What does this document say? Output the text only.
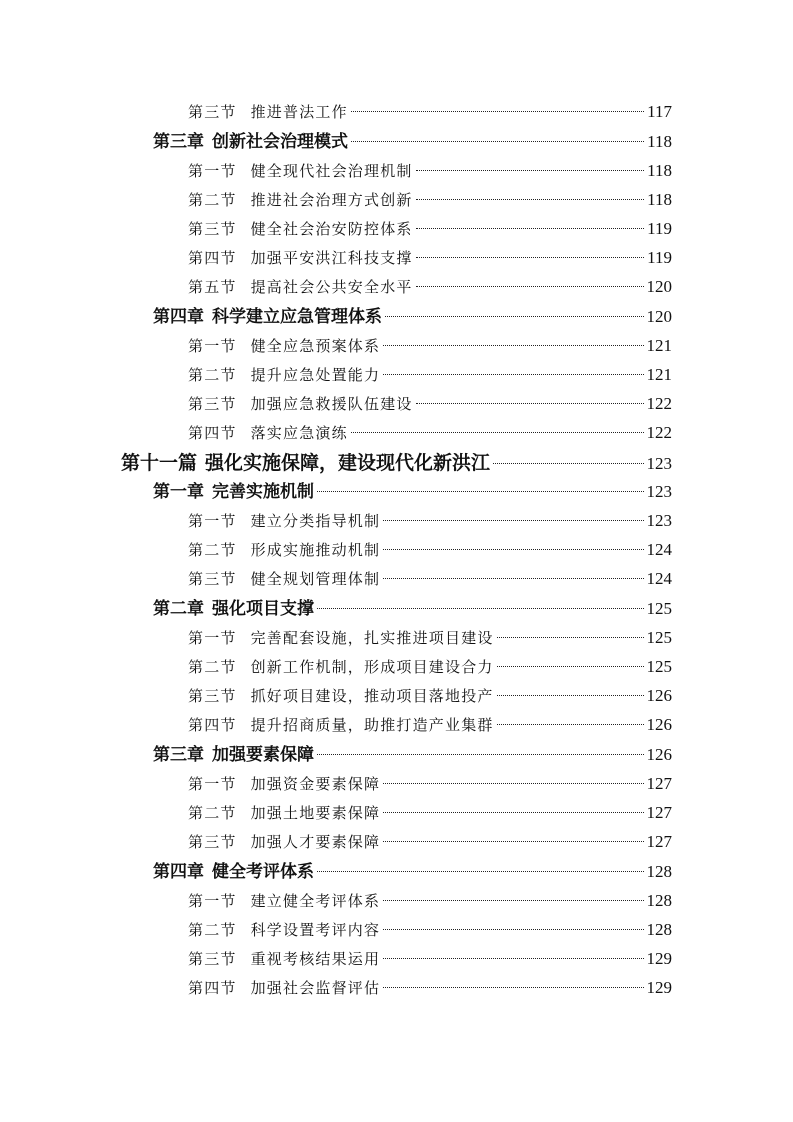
第三节 推进普法工作	117
第三章 创新社会治理模式	118
第一节 健全现代社会治理机制	118
第二节 推进社会治理方式创新	118
第三节 健全社会治安防控体系	119
第四节 加强平安洪江科技支撑	119
第五节 提高社会公共安全水平	120
第四章 科学建立应急管理体系	120
第一节 健全应急预案体系	121
第二节 提升应急处置能力	121
第三节 加强应急救援队伍建设	122
第四节 落实应急演练	122
第十一篇 强化实施保障，建设现代化新洪江	123
第一章 完善实施机制	123
第一节 建立分类指导机制	123
第二节 形成实施推动机制	124
第三节 健全规划管理体制	124
第二章 强化项目支撑	125
第一节 完善配套设施，扎实推进项目建设	125
第二节 创新工作机制，形成项目建设合力	125
第三节 抓好项目建设，推动项目落地投产	126
第四节 提升招商质量，助推打造产业集群	126
第三章 加强要素保障	126
第一节 加强资金要素保障	127
第二节 加强土地要素保障	127
第三节 加强人才要素保障	127
第四章 健全考评体系	128
第一节 建立健全考评体系	128
第二节 科学设置考评内容	128
第三节 重视考核结果运用	129
第四节 加强社会监督评估	129
